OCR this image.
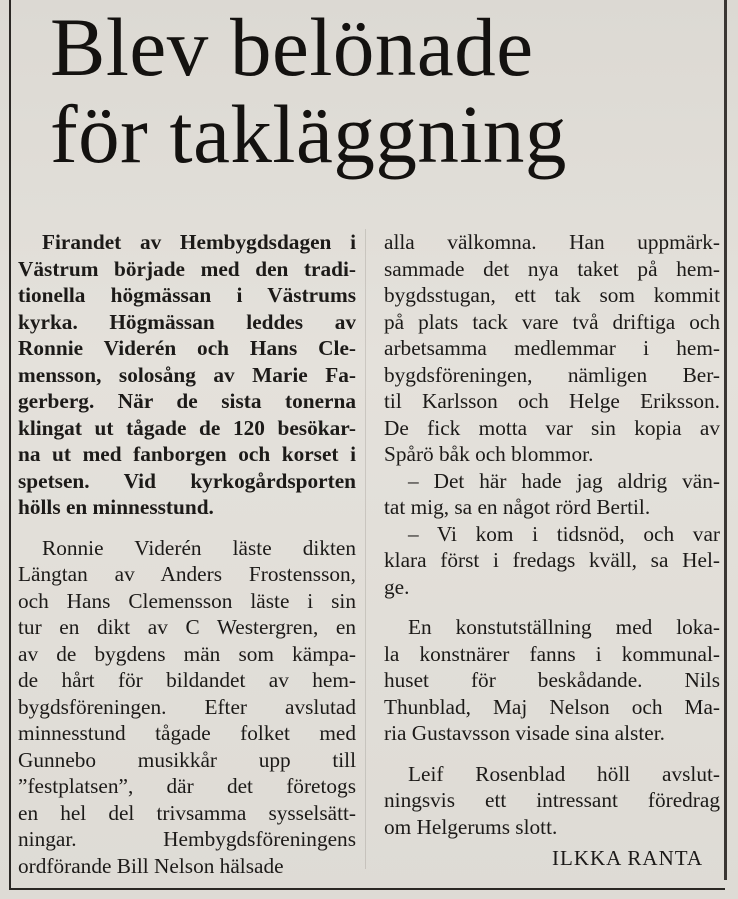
Blev belönade
för takläggning

Firandet av Hembygdsdagen i
Västrum började med den tradi-
tionella högmässan i Västrums
kyrka. Högmässan leddes av
Ronnie Viderén och Hans Cle-
mensson, solosång av Marie Fa-
gerberg. När de sista tonerna
klingat ut tågade de 120 besökar-
na ut med fanborgen och korset i
spetsen. Vid kyrkogårdsporten
hölls en minnesstund.

Ronnie Viderén läste dikten
Längtan av Anders Frostensson,
och Hans Clemensson läste i sin
tur en dikt av C Westergren, en
av de bygdens män som kämpa-
de hårt för bildandet av hem-
bygdsföreningen. Efter avslutad
minnesstund tågade folket med
Gunnebo musikkår upp till
”festplatsen”, där det företogs
en hel del trivsamma sysselsätt-
ningar. Hembygdsföreningens
ordförande Bill Nelson hälsade

alla välkomna. Han uppmärk-
sammade det nya taket på hem-
bygdsstugan, ett tak som kommit
på plats tack vare två driftiga och
arbetsamma medlemmar i hem-
bygdsföreningen, nämligen Ber-
til Karlsson och Helge Eriksson.
De fick motta var sin kopia av
Spårö båk och blommor.

– Det här hade jag aldrig vän-
tat mig, sa en något rörd Bertil.

– Vi kom i tidsnöd, och var
klara först i fredags kväll, sa Hel-
ge.

En konstutställning med loka-
la konstnärer fanns i kommunal-
huset för beskådande. Nils
Thunblad, Maj Nelson och Ma-
ria Gustavsson visade sina alster.

Leif Rosenblad höll avslut-
ningsvis ett intressant föredrag
om Helgerums slott.

ILKKA RANTA
